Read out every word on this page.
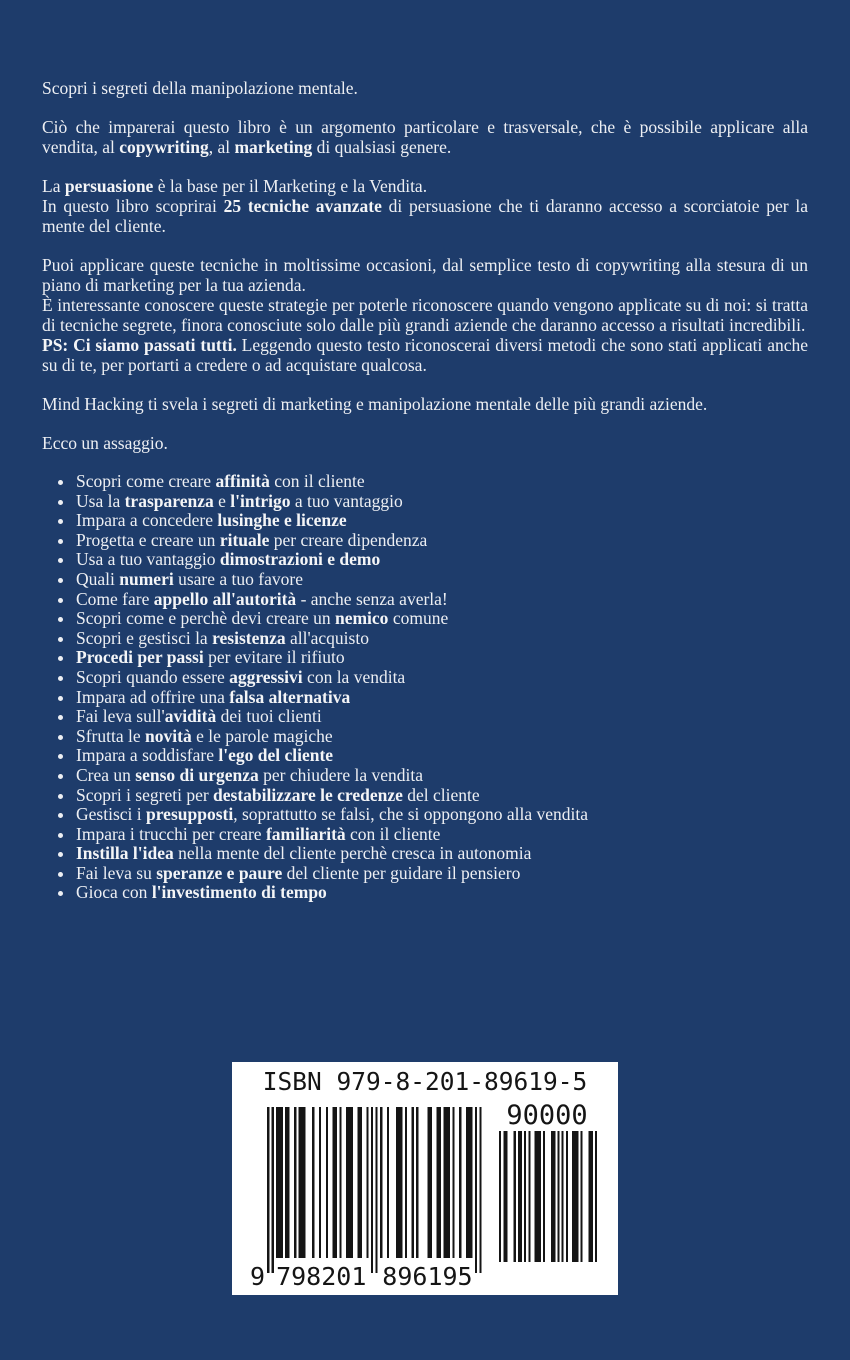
Scopri i segreti della manipolazione mentale.

Ciò che imparerai questo libro è un argomento particolare e trasversale, che è possibile applicare alla vendita, al copywriting, al marketing di qualsiasi genere.

La persuasione è la base per il Marketing e la Vendita.

In questo libro scoprirai 25 tecniche avanzate di persuasione che ti daranno accesso a scorciatoie per la mente del cliente.

Puoi applicare queste tecniche in moltissime occasioni, dal semplice testo di copywriting alla stesura di un piano di marketing per la tua azienda.

È interessante conoscere queste strategie per poterle riconoscere quando vengono applicate su di noi: si tratta di tecniche segrete, finora conosciute solo dalle più grandi aziende che daranno accesso a risultati incredibili.

PS: Ci siamo passati tutti. Leggendo questo testo riconoscerai diversi metodi che sono stati applicati anche su di te, per portarti a credere o ad acquistare qualcosa.

Mind Hacking ti svela i segreti di marketing e manipolazione mentale delle più grandi aziende.

Ecco un assaggio.

• Scopri come creare affinità con il cliente
• Usa la trasparenza e l'intrigo a tuo vantaggio
• Impara a concedere lusinghe e licenze
• Progetta e creare un rituale per creare dipendenza
• Usa a tuo vantaggio dimostrazioni e demo
• Quali numeri usare a tuo favore
• Come fare appello all'autorità - anche senza averla!
• Scopri come e perchè devi creare un nemico comune
• Scopri e gestisci la resistenza all'acquisto
• Procedi per passi per evitare il rifiuto
• Scopri quando essere aggressivi con la vendita
• Impara ad offrire una falsa alternativa
• Fai leva sull'avidità dei tuoi clienti
• Sfrutta le novità e le parole magiche
• Impara a soddisfare l'ego del cliente
• Crea un senso di urgenza per chiudere la vendita
• Scopri i segreti per destabilizzare le credenze del cliente
• Gestisci i presupposti, soprattutto se falsi, che si oppongono alla vendita
• Impara i trucchi per creare familiarità con il cliente
• Instilla l'idea nella mente del cliente perchè cresca in autonomia
• Fai leva su speranze e paure del cliente per guidare il pensiero
• Gioca con l'investimento di tempo
ISBN 979-8-201-89619-5
9 798201 896195
90000
